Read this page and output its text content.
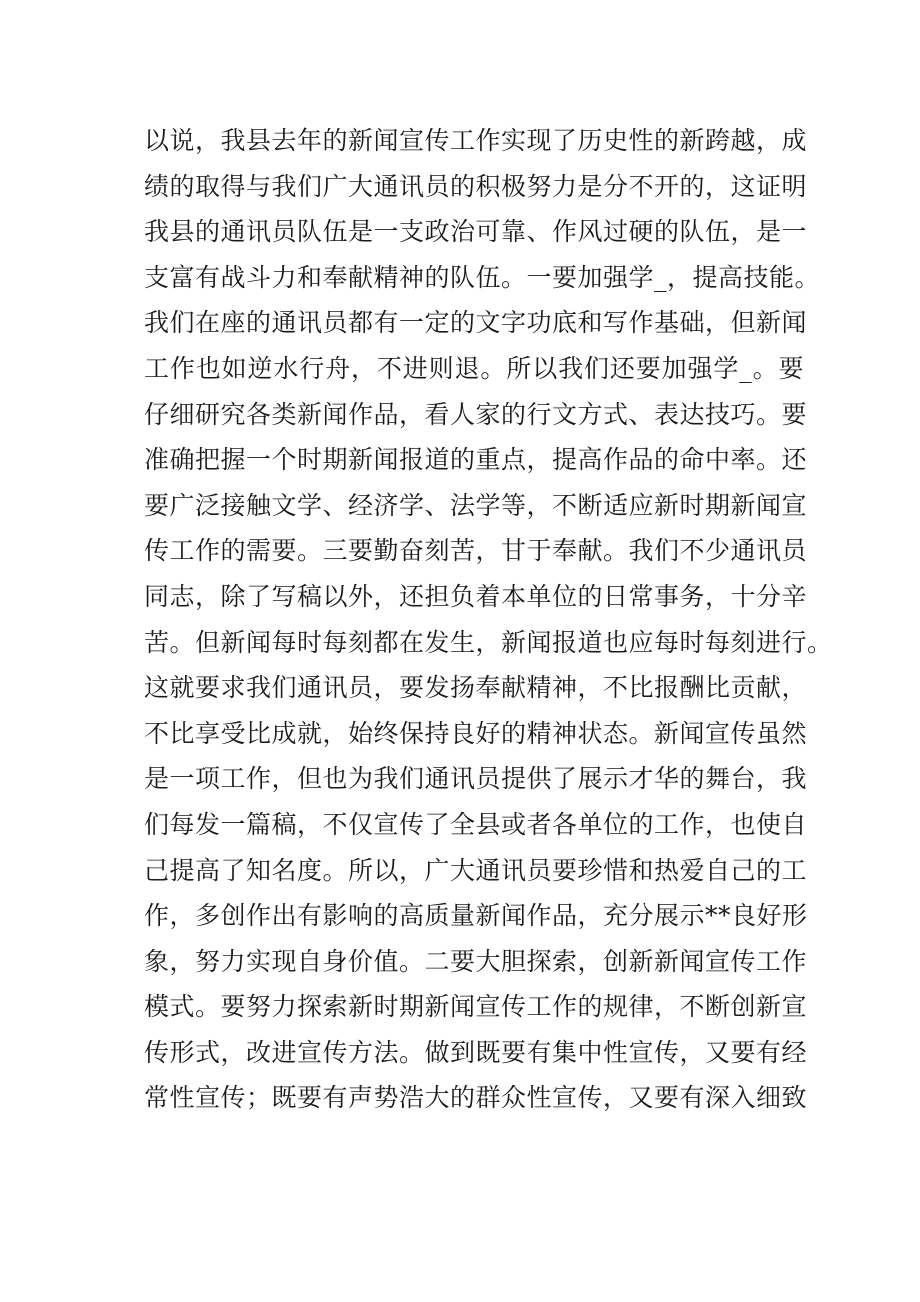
以说，我县去年的新闻宣传工作实现了历史性的新跨越，成
绩的取得与我们广大通讯员的积极努力是分不开的，这证明
我县的通讯员队伍是一支政治可靠、作风过硬的队伍，是一
支富有战斗力和奉献精神的队伍。一要加强学_，提高技能。
我们在座的通讯员都有一定的文字功底和写作基础，但新闻
工作也如逆水行舟，不进则退。所以我们还要加强学_。要
仔细研究各类新闻作品，看人家的行文方式、表达技巧。要
准确把握一个时期新闻报道的重点，提高作品的命中率。还
要广泛接触文学、经济学、法学等，不断适应新时期新闻宣
传工作的需要。三要勤奋刻苦，甘于奉献。我们不少通讯员
同志，除了写稿以外，还担负着本单位的日常事务，十分辛
苦。但新闻每时每刻都在发生，新闻报道也应每时每刻进行。
这就要求我们通讯员，要发扬奉献精神，不比报酬比贡献，
不比享受比成就，始终保持良好的精神状态。新闻宣传虽然
是一项工作，但也为我们通讯员提供了展示才华的舞台，我
们每发一篇稿，不仅宣传了全县或者各单位的工作，也使自
己提高了知名度。所以，广大通讯员要珍惜和热爱自己的工
作，多创作出有影响的高质量新闻作品，充分展示**良好形
象，努力实现自身价值。二要大胆探索，创新新闻宣传工作
模式。要努力探索新时期新闻宣传工作的规律，不断创新宣
传形式，改进宣传方法。做到既要有集中性宣传，又要有经
常性宣传；既要有声势浩大的群众性宣传，又要有深入细致
